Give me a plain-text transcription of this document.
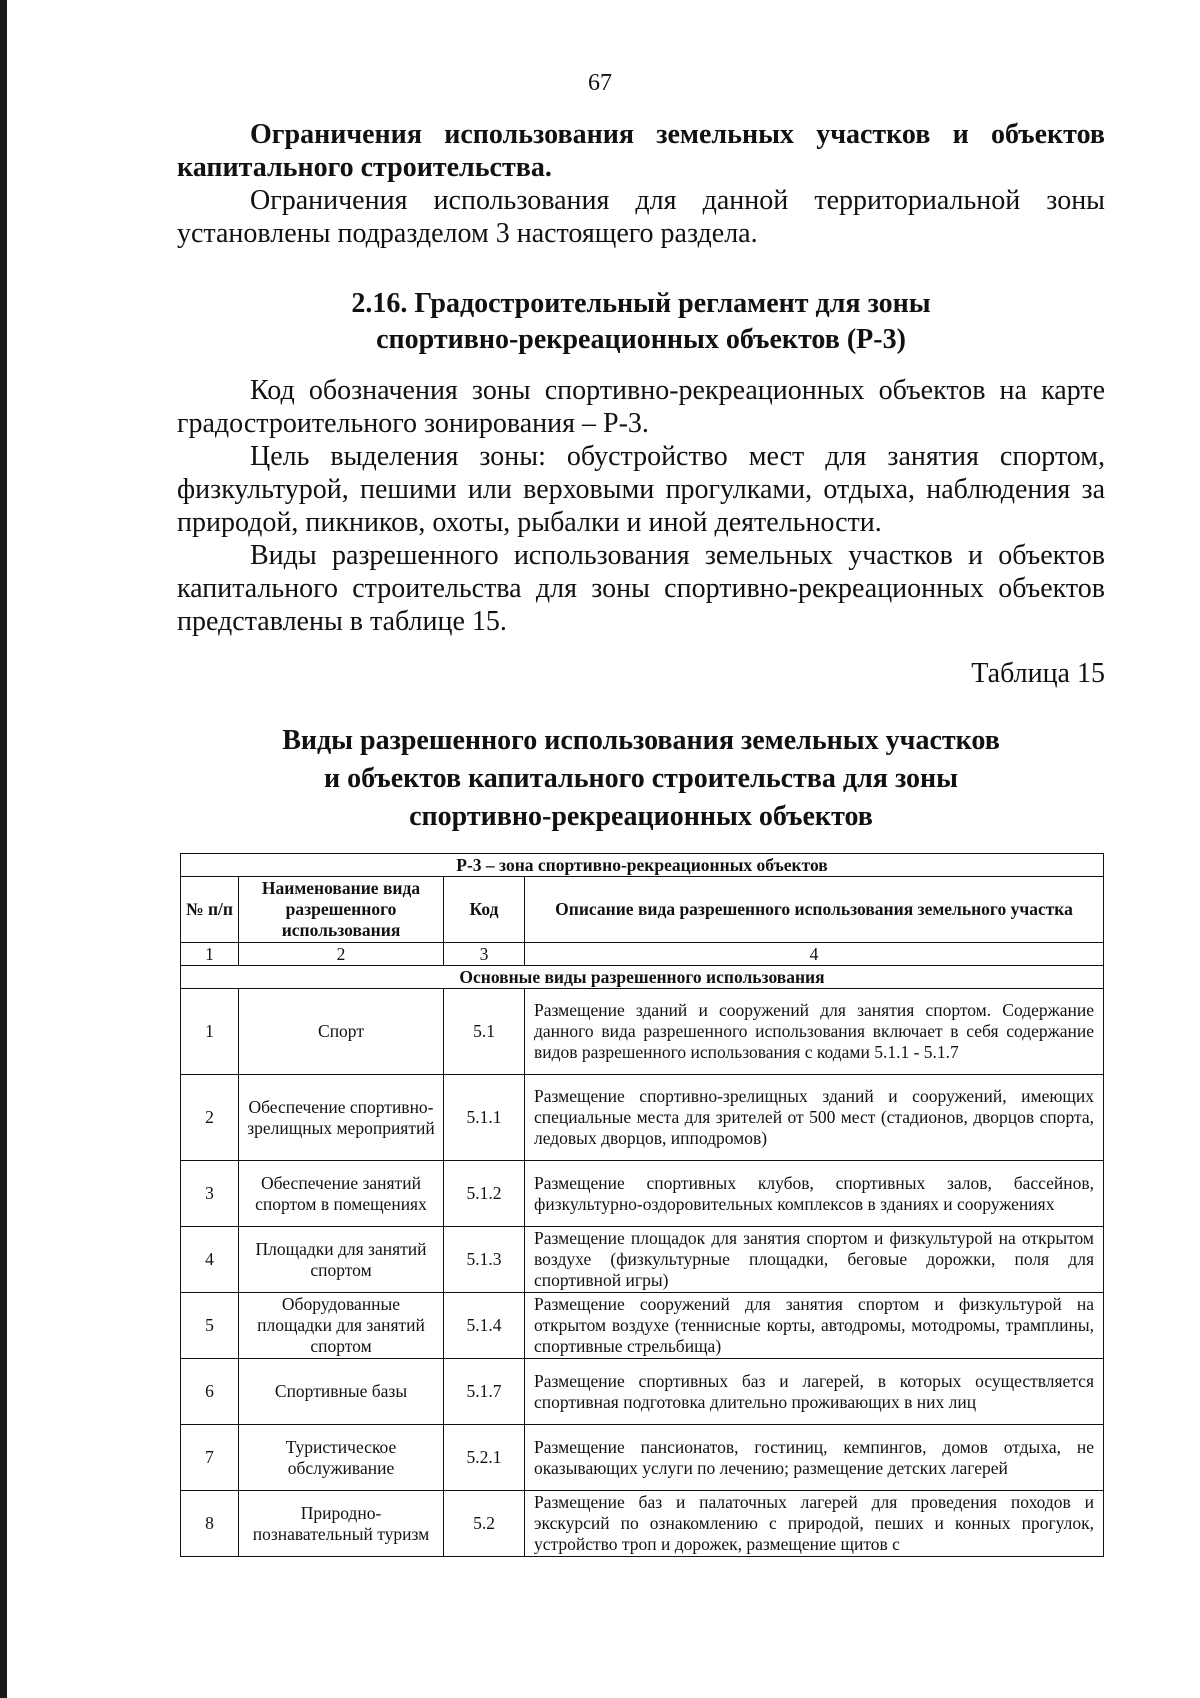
67

Ограничения использования земельных участков и объектов капитального строительства.

Ограничения использования для данной территориальной зоны установлены подразделом 3 настоящего раздела.

2.16. Градостроительный регламент для зоны
спортивно-рекреационных объектов (Р-3)

Код обозначения зоны спортивно-рекреационных объектов на карте градостроительного зонирования – Р-3.

Цель выделения зоны: обустройство мест для занятия спортом, физкультурой, пешими или верховыми прогулками, отдыха, наблюдения за природой, пикников, охоты, рыбалки и иной деятельности.

Виды разрешенного использования земельных участков и объектов капитального строительства для зоны спортивно-рекреационных объектов представлены в таблице 15.

Таблица 15
Виды разрешенного использования земельных участков
и объектов капитального строительства для зоны
спортивно-рекреационных объектов
Р-3 – зона спортивно-рекреационных объектов			
№ п/п	Наименование вида разрешенного использования	Код	Описание вида разрешенного использования земельного участка
1	2	3	4
Основные виды разрешенного использования			
1	Спорт	5.1	Размещение зданий и сооружений для занятия спортом. Содержание данного вида разрешенного использования включает в себя содержание видов разрешенного использования с кодами 5.1.1 - 5.1.7
2	Обеспечение спортивно-зрелищных мероприятий	5.1.1	Размещение спортивно-зрелищных зданий и сооружений, имеющих специальные места для зрителей от 500 мест (стадионов, дворцов спорта, ледовых дворцов, ипподромов)
3	Обеспечение занятий спортом в помещениях	5.1.2	Размещение спортивных клубов, спортивных залов, бассейнов, физкультурно-оздоровительных комплексов в зданиях и сооружениях
4	Площадки для занятий спортом	5.1.3	Размещение площадок для занятия спортом и физкультурой на открытом воздухе (физкультурные площадки, беговые дорожки, поля для спортивной игры)
5	Оборудованные площадки для занятий спортом	5.1.4	Размещение сооружений для занятия спортом и физкультурой на открытом воздухе (теннисные корты, автодромы, мотодромы, трамплины, спортивные стрельбища)
6	Спортивные базы	5.1.7	Размещение спортивных баз и лагерей, в которых осуществляется спортивная подготовка длительно проживающих в них лиц
7	Туристическое обслуживание	5.2.1	Размещение пансионатов, гостиниц, кемпингов, домов отдыха, не оказывающих услуги по лечению; размещение детских лагерей
8	Природно-познавательный туризм	5.2	Размещение баз и палаточных лагерей для проведения походов и экскурсий по ознакомлению с природой, пеших и конных прогулок, устройство троп и дорожек, размещение щитов с
